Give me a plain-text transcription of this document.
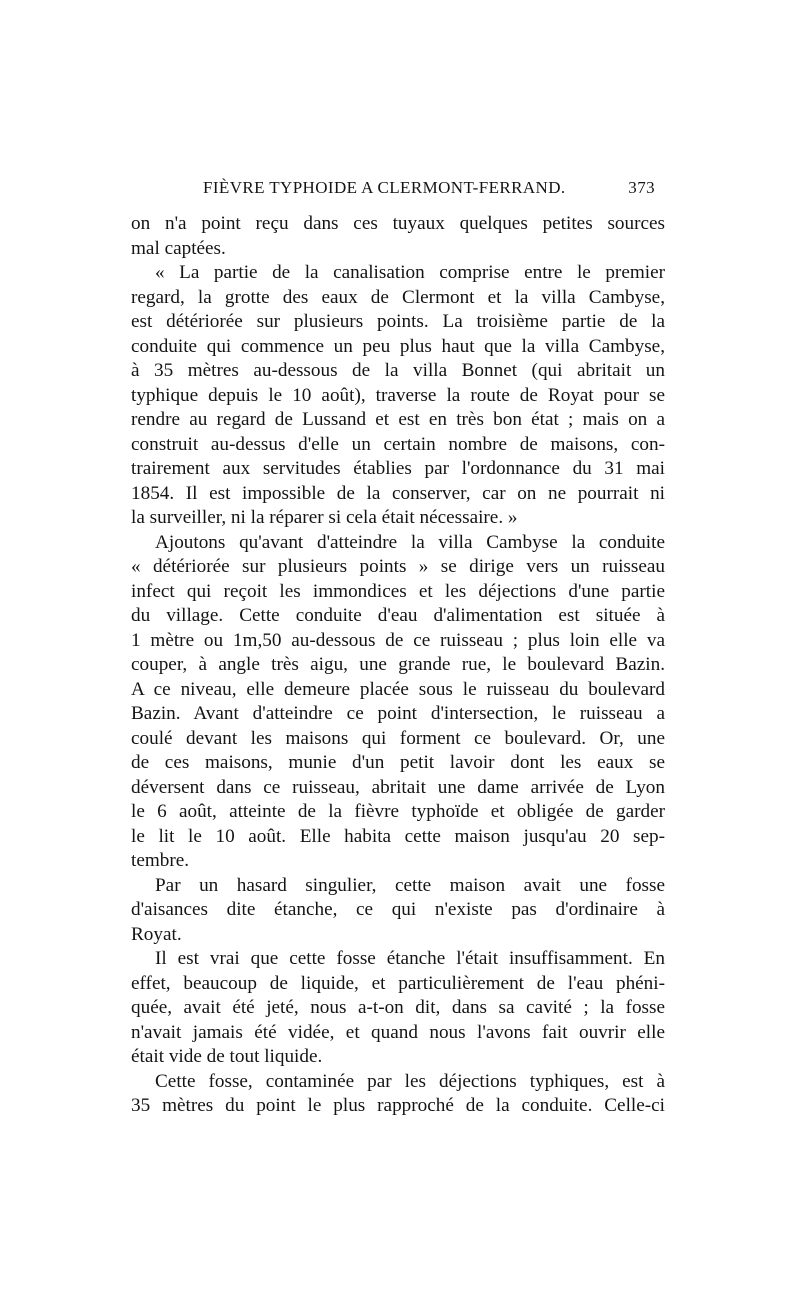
FIÈVRE TYPHOIDE A CLERMONT-FERRAND.	373
on n'a point reçu dans ces tuyaux quelques petites sources
mal captées.
« La partie de la canalisation comprise entre le premier
regard, la grotte des eaux de Clermont et la villa Cambyse,
est détériorée sur plusieurs points. La troisième partie de la
conduite qui commence un peu plus haut que la villa Cambyse,
à 35 mètres au-dessous de la villa Bonnet (qui abritait un
typhique depuis le 10 août), traverse la route de Royat pour se
rendre au regard de Lussand et est en très bon état ; mais on a
construit au-dessus d'elle un certain nombre de maisons, con-
trairement aux servitudes établies par l'ordonnance du 31 mai
1854. Il est impossible de la conserver, car on ne pourrait ni
la surveiller, ni la réparer si cela était nécessaire. »
Ajoutons qu'avant d'atteindre la villa Cambyse la conduite
« détériorée sur plusieurs points » se dirige vers un ruisseau
infect qui reçoit les immondices et les déjections d'une partie
du village. Cette conduite d'eau d'alimentation est située à
1 mètre ou 1m,50 au-dessous de ce ruisseau ; plus loin elle va
couper, à angle très aigu, une grande rue, le boulevard Bazin.
A ce niveau, elle demeure placée sous le ruisseau du boulevard
Bazin. Avant d'atteindre ce point d'intersection, le ruisseau a
coulé devant les maisons qui forment ce boulevard. Or, une
de ces maisons, munie d'un petit lavoir dont les eaux se
déversent dans ce ruisseau, abritait une dame arrivée de Lyon
le 6 août, atteinte de la fièvre typhoïde et obligée de garder
le lit le 10 août. Elle habita cette maison jusqu'au 20 sep-
tembre.
Par un hasard singulier, cette maison avait une fosse
d'aisances dite étanche, ce qui n'existe pas d'ordinaire à
Royat.
Il est vrai que cette fosse étanche l'était insuffisamment. En
effet, beaucoup de liquide, et particulièrement de l'eau phéni-
quée, avait été jeté, nous a-t-on dit, dans sa cavité ; la fosse
n'avait jamais été vidée, et quand nous l'avons fait ouvrir elle
était vide de tout liquide.
Cette fosse, contaminée par les déjections typhiques, est à
35 mètres du point le plus rapproché de la conduite. Celle-ci
